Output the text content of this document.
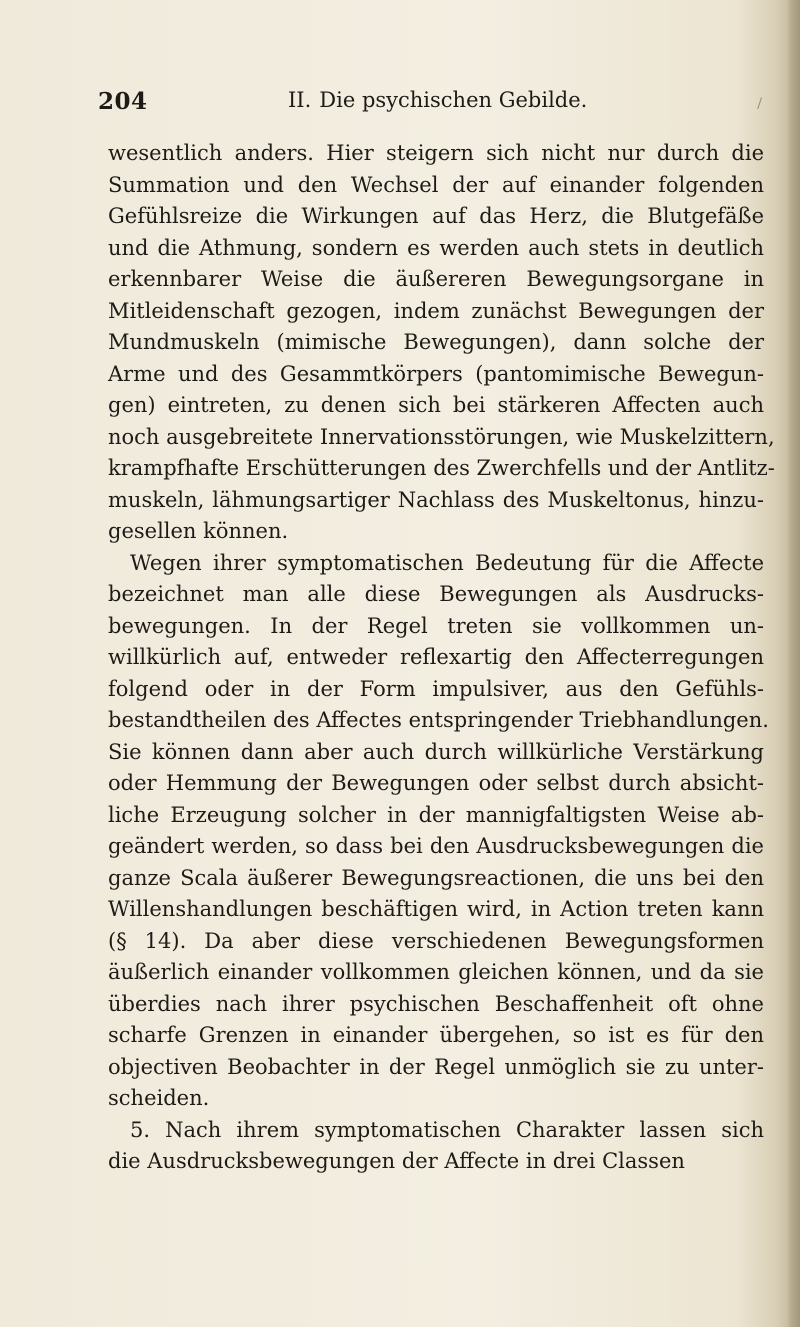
204	II. Die psychischen Gebilde.	/
wesentlich anders. Hier steigern sich nicht nur durch die
Summation und den Wechsel der auf einander folgenden
Gefühlsreize die Wirkungen auf das Herz, die Blutgefäße
und die Athmung, sondern es werden auch stets in deutlich
erkennbarer Weise die äußereren Bewegungsorgane in
Mitleidenschaft gezogen, indem zunächst Bewegungen der
Mundmuskeln (mimische Bewegungen), dann solche der
Arme und des Gesammtkörpers (pantomimische Bewegun-
gen) eintreten, zu denen sich bei stärkeren Affecten auch
noch ausgebreitete Innervationsstörungen, wie Muskelzittern,
krampfhafte Erschütterungen des Zwerchfells und der Antlitz-
muskeln, lähmungsartiger Nachlass des Muskeltonus, hinzu-
gesellen können.
Wegen ihrer symptomatischen Bedeutung für die Affecte
bezeichnet man alle diese Bewegungen als Ausdrucks-
bewegungen. In der Regel treten sie vollkommen un-
willkürlich auf, entweder reflexartig den Affecterregungen
folgend oder in der Form impulsiver, aus den Gefühls-
bestandtheilen des Affectes entspringender Triebhandlungen.
Sie können dann aber auch durch willkürliche Verstärkung
oder Hemmung der Bewegungen oder selbst durch absicht-
liche Erzeugung solcher in der mannigfaltigsten Weise ab-
geändert werden, so dass bei den Ausdrucksbewegungen die
ganze Scala äußerer Bewegungsreactionen, die uns bei den
Willenshandlungen beschäftigen wird, in Action treten kann
(§ 14). Da aber diese verschiedenen Bewegungsformen
äußerlich einander vollkommen gleichen können, und da sie
überdies nach ihrer psychischen Beschaffenheit oft ohne
scharfe Grenzen in einander übergehen, so ist es für den
objectiven Beobachter in der Regel unmöglich sie zu unter-
scheiden.
5. Nach ihrem symptomatischen Charakter lassen sich
die Ausdrucksbewegungen der Affecte in drei Classen
